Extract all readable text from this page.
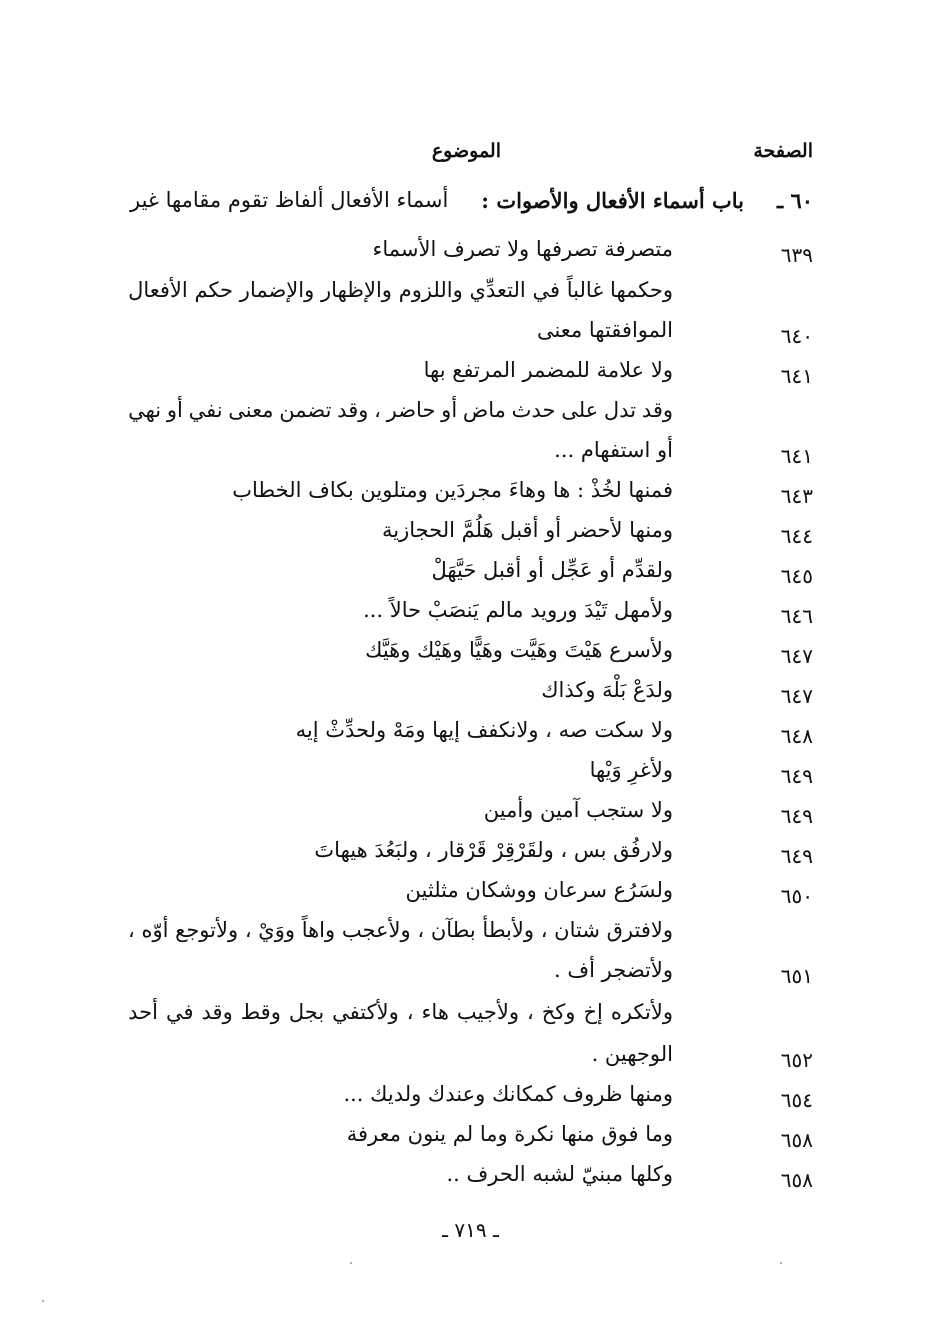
الصفحة
الموضوع
٦٠ ـ
باب أسماء الأفعال والأصوات :
أسماء الأفعال ألفاظ تقوم مقامها غير
٦٣٩
متصرفة تصرفها ولا تصرف الأسماء
وحكمها
غالباً
في
التعدِّي
واللزوم
والإظهار
والإضمار
حكم
الأفعال
٦٤٠
الموافقتها معنى
٦٤١
ولا علامة للمضمر المرتفع بها
وقد
تدل
على
حدث
ماض
أو
حاضر
،
وقد
تضمن
معنى
نفي
أو
نهي
٦٤١
أو استفهام ...
٦٤٣
فمنها لخُذْ : ها وهاءَ مجردَين ومتلوين بكاف الخطاب
٦٤٤
ومنها لأحضر أو أقبل هَلُمَّ الحجازية
٦٤٥
ولقدِّم أو عَجِّل أو أقبل حَيَّهَلْ
٦٤٦
ولأمهل تَيْدَ ورويد مالم يَنصَبْ حالاً ...
٦٤٧
ولأسرع هَيْتَ وهَيَّت وهَيًّا وهَيْك وهَيَّك
٦٤٧
ولدَعْ بَلْهَ وكذاك
٦٤٨
ولا سكت صه ، ولانكفف إيها ومَهْ ولحدِّثْ إيه
٦٤٩
ولأغرِ وَيْها
٦٤٩
ولا ستجب آمين وأمين
٦٤٩
ولارفُق بس ، ولقَرْقِرْ قَرْقار ، ولبَعُدَ هيهاتَ
٦٥٠
ولسَرُع سرعان ووشكان مثلثين
ولافترق
شتان
،
ولأبطأ
بطآن
،
ولأعجب
واهاً
ووَيْ
،
ولأتوجع
أوّه
،
٦٥١
ولأتضجر أف .
ولأتكره
إخ
وكخ
،
ولأجيب
هاء
،
ولأكتفي
بجل
وقط
وقد
في
أحد
٦٥٢
الوجهين .
٦٥٤
ومنها ظروف كمكانك وعندك ولديك ...
٦٥٨
وما فوق منها نكرة وما لم ينون معرفة
٦٥٨
وكلها مبنيّ لشبه الحرف ..
ـ ٧١٩ ـ
